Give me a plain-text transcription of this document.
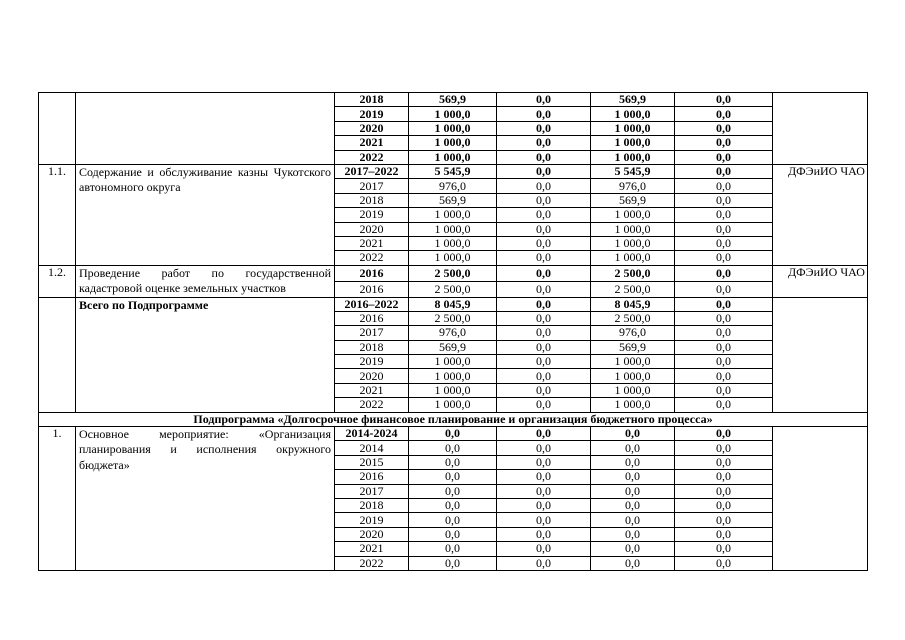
		2018	569,9	0,0	569,9	0,0	
		2019	1 000,0	0,0	1 000,0	0,0	
		2020	1 000,0	0,0	1 000,0	0,0	
		2021	1 000,0	0,0	1 000,0	0,0	
		2022	1 000,0	0,0	1 000,0	0,0	
1.1.	Содержание и обслуживание казны Чукотского автономного округа	2017–2022	5 545,9	0,0	5 545,9	0,0	ДФЭиИО ЧАО
		2017	976,0	0,0	976,0	0,0	
		2018	569,9	0,0	569,9	0,0	
		2019	1 000,0	0,0	1 000,0	0,0	
		2020	1 000,0	0,0	1 000,0	0,0	
		2021	1 000,0	0,0	1 000,0	0,0	
		2022	1 000,0	0,0	1 000,0	0,0	
1.2.	Проведение работ по государственной кадастровой оценке земельных участков	2016	2 500,0	0,0	2 500,0	0,0	ДФЭиИО ЧАО
		2016	2 500,0	0,0	2 500,0	0,0	
	Всего по Подпрограмме	2016–2022	8 045,9	0,0	8 045,9	0,0	
		2016	2 500,0	0,0	2 500,0	0,0	
		2017	976,0	0,0	976,0	0,0	
		2018	569,9	0,0	569,9	0,0	
		2019	1 000,0	0,0	1 000,0	0,0	
		2020	1 000,0	0,0	1 000,0	0,0	
		2021	1 000,0	0,0	1 000,0	0,0	
		2022	1 000,0	0,0	1 000,0	0,0	
Подпрограмма «Долгосрочное финансовое планирование и организация бюджетного процесса»							
1.	Основное мероприятие: «Организация планирования и исполнения окружного бюджета»	2014-2024	0,0	0,0	0,0	0,0	
		2014	0,0	0,0	0,0	0,0	
		2015	0,0	0,0	0,0	0,0	
		2016	0,0	0,0	0,0	0,0	
		2017	0,0	0,0	0,0	0,0	
		2018	0,0	0,0	0,0	0,0	
		2019	0,0	0,0	0,0	0,0	
		2020	0,0	0,0	0,0	0,0	
		2021	0,0	0,0	0,0	0,0	
		2022	0,0	0,0	0,0	0,0	
